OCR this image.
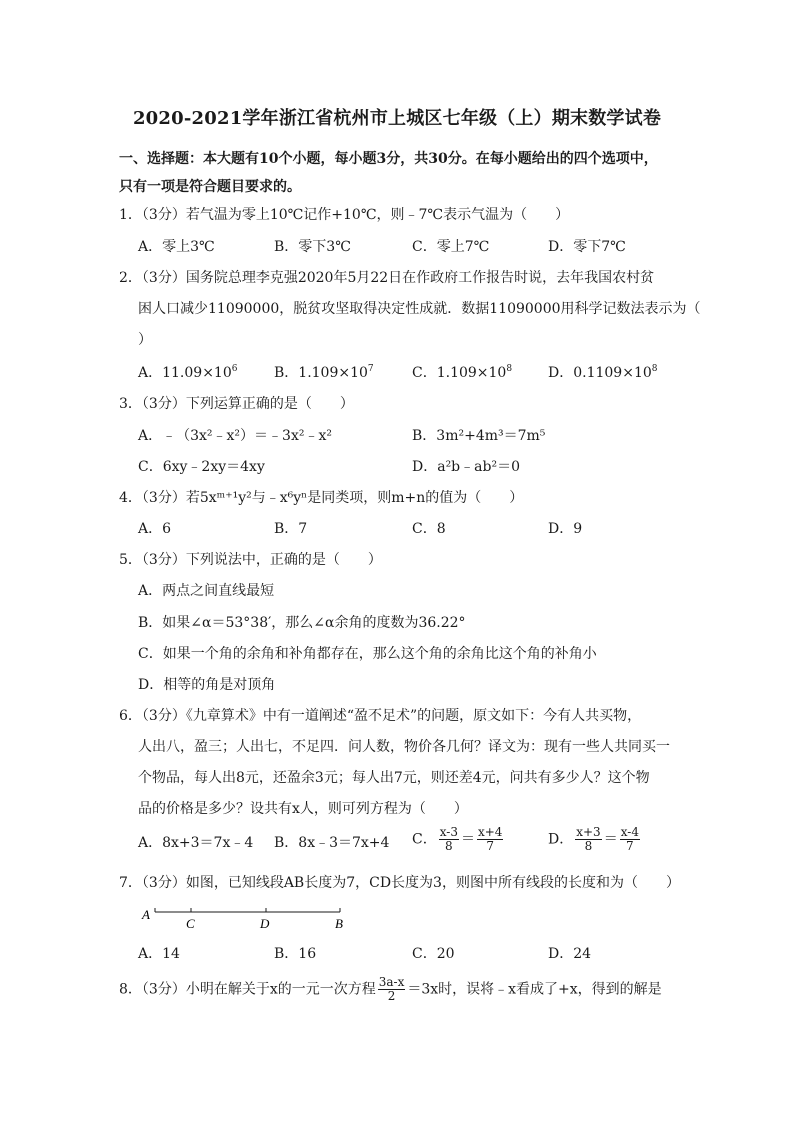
2020-2021学年浙江省杭州市上城区七年级（上）期末数学试卷
一、选择题：本大题有10个小题，每小题3分，共30分。在每小题给出的四个选项中，
只有一项是符合题目要求的。
1．（3分）若气温为零上10℃记作+10℃，则﹣7℃表示气温为（　　）
A．零上3℃	B．零下3℃	C．零上7℃	D．零下7℃
2．（3分）国务院总理李克强2020年5月22日在作政府工作报告时说，去年我国农村贫
困人口减少11090000，脱贫攻坚取得决定性成就．数据11090000用科学记数法表示为（
）
A．$11.09\times 10^6$	B．$1.109\times 10^7$	C．$1.109\times 10^8$	D．$0.1109\times 10^8$
3．（3分）下列运算正确的是（　　）
A．﹣（3x²﹣x²）＝﹣3x²﹣x²	B．3m²+4m³＝7m⁵
C．6xy﹣2xy＝4xy	D．a²b﹣ab²＝0
4．（3分）若5xᵐ⁺¹y²与﹣x⁶yⁿ是同类项，则m+n的值为（　　）
A．6	B．7	C．8	D．9
5．（3分）下列说法中，正确的是（　　）
A．两点之间直线最短
B．如果∠α＝53°38′，那么∠α余角的度数为36.22°
C．如果一个角的余角和补角都存在，那么这个角的余角比这个角的补角小
D．相等的角是对顶角
6．（3分）《九章算术》中有一道阐述“盈不足术”的问题，原文如下：今有人共买物，
人出八，盈三；人出七，不足四．问人数，物价各几何？译文为：现有一些人共同买一
个物品，每人出8元，还盈余3元；每人出7元，则还差4元，问共有多少人？这个物
品的价格是多少？设共有x人，则可列方程为（　　）
A．8x+3＝7x﹣4 B．8x﹣3＝7x+4 C． $\frac{x-3}{8} = \frac{x+4}{7}$	D． $\frac{x+3}{8} = \frac{x-4}{7}$
7．（3分）如图，已知线段AB长度为7，CD长度为3，则图中所有线段的长度和为（　　）
A
C	D	B
A．14	B．16	C．20	D．24
8．（3分）小明在解关于x的一元一次方程 $\frac{3a-x}{2} =3x$时，误将﹣x看成了+x，得到的解是
